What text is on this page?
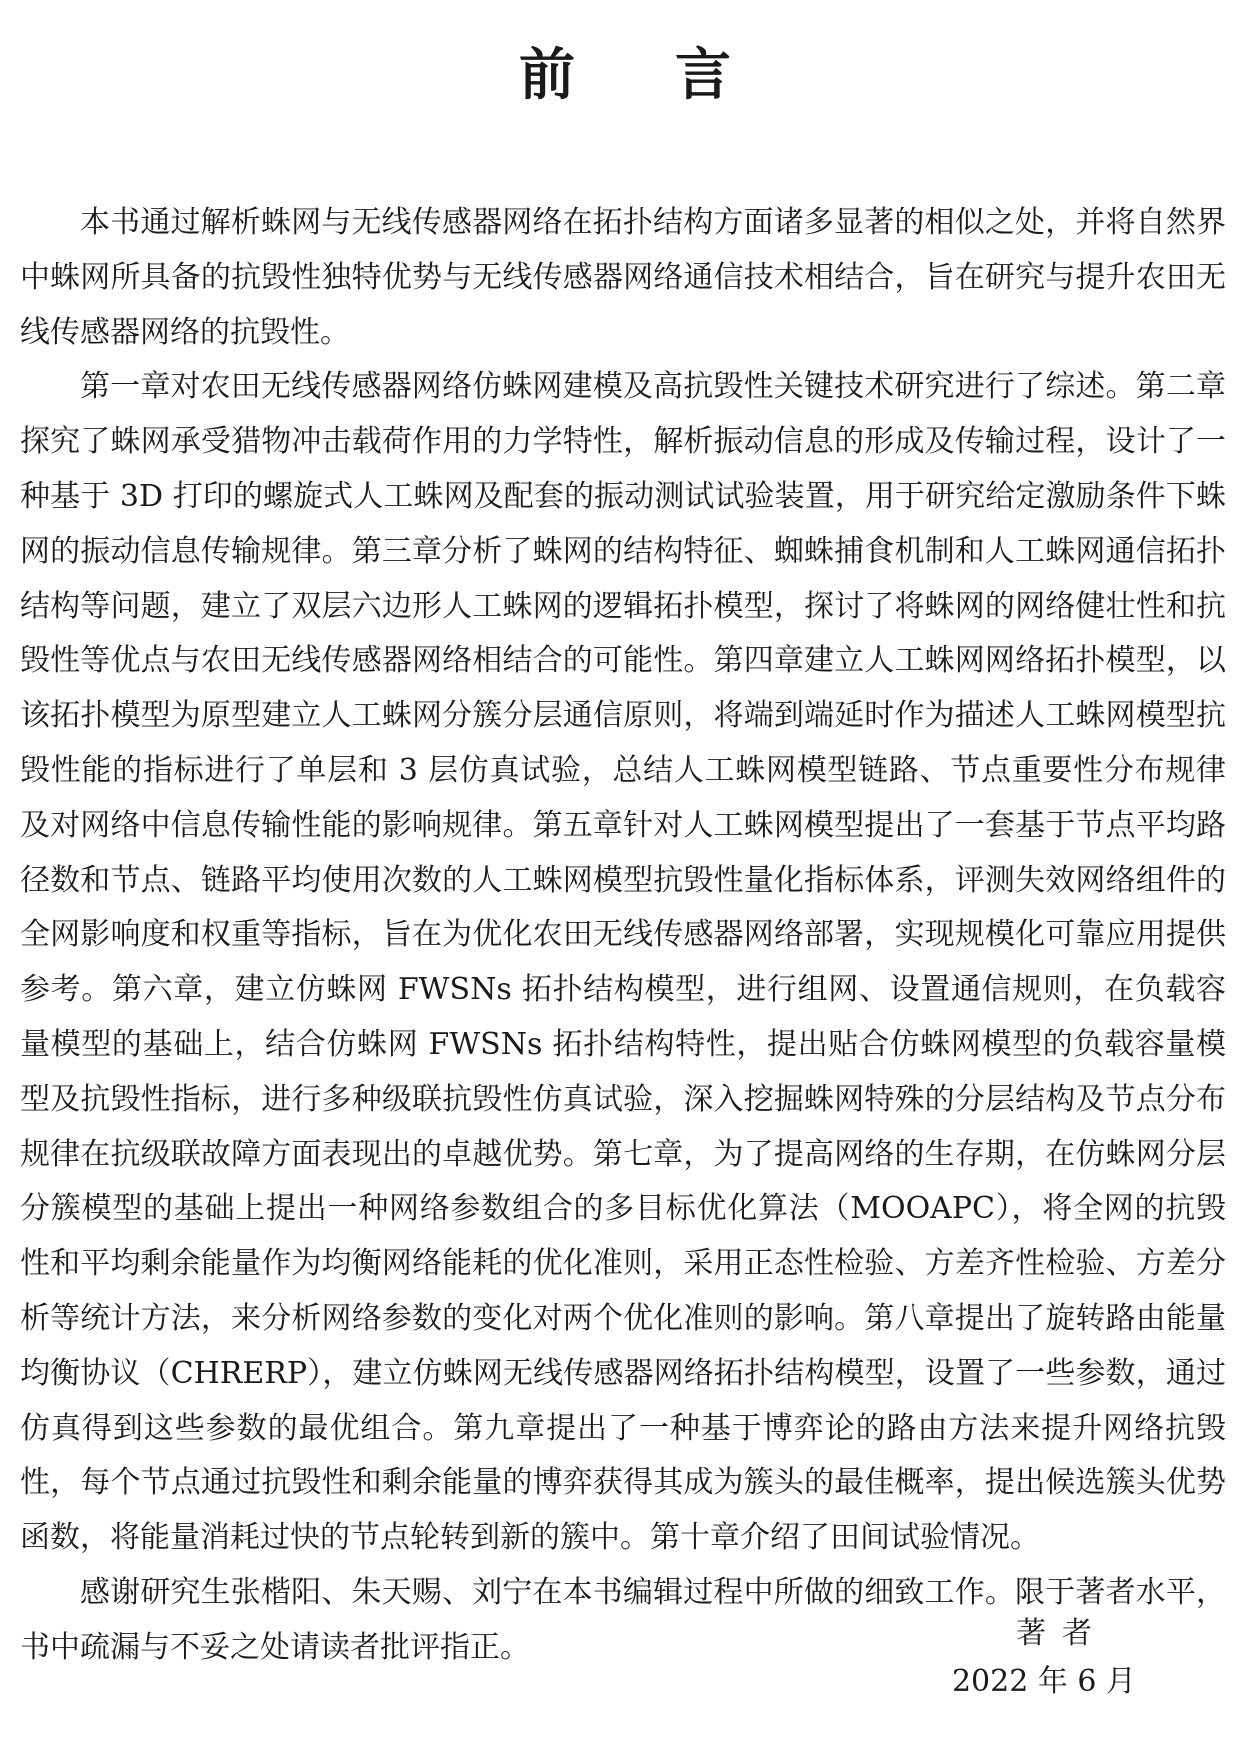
前 言

本书通过解析蛛网与无线传感器网络在拓扑结构方面诸多显著的相似之处，并将自然界中蛛网所具备的抗毁性独特优势与无线传感器网络通信技术相结合，旨在研究与提升农田无线传感器网络的抗毁性。

第一章对农田无线传感器网络仿蛛网建模及高抗毁性关键技术研究进行了综述。第二章探究了蛛网承受猎物冲击载荷作用的力学特性，解析振动信息的形成及传输过程，设计了一种基于 3D 打印的螺旋式人工蛛网及配套的振动测试试验装置，用于研究给定激励条件下蛛网的振动信息传输规律。第三章分析了蛛网的结构特征、蜘蛛捕食机制和人工蛛网通信拓扑结构等问题，建立了双层六边形人工蛛网的逻辑拓扑模型，探讨了将蛛网的网络健壮性和抗毁性等优点与农田无线传感器网络相结合的可能性。第四章建立人工蛛网网络拓扑模型，以该拓扑模型为原型建立人工蛛网分簇分层通信原则，将端到端延时作为描述人工蛛网模型抗毁性能的指标进行了单层和 3 层仿真试验，总结人工蛛网模型链路、节点重要性分布规律及对网络中信息传输性能的影响规律。第五章针对人工蛛网模型提出了一套基于节点平均路径数和节点、链路平均使用次数的人工蛛网模型抗毁性量化指标体系，评测失效网络组件的全网影响度和权重等指标，旨在为优化农田无线传感器网络部署，实现规模化可靠应用提供参考。第六章，建立仿蛛网 FWSNs 拓扑结构模型，进行组网、设置通信规则，在负载容量模型的基础上，结合仿蛛网 FWSNs 拓扑结构特性，提出贴合仿蛛网模型的负载容量模型及抗毁性指标，进行多种级联抗毁性仿真试验，深入挖掘蛛网特殊的分层结构及节点分布规律在抗级联故障方面表现出的卓越优势。第七章，为了提高网络的生存期，在仿蛛网分层分簇模型的基础上提出一种网络参数组合的多目标优化算法（MOOAPC），将全网的抗毁性和平均剩余能量作为均衡网络能耗的优化准则，采用正态性检验、方差齐性检验、方差分析等统计方法，来分析网络参数的变化对两个优化准则的影响。第八章提出了旋转路由能量均衡协议（CHRERP），建立仿蛛网无线传感器网络拓扑结构模型，设置了一些参数，通过仿真得到这些参数的最优组合。第九章提出了一种基于博弈论的路由方法来提升网络抗毁性，每个节点通过抗毁性和剩余能量的博弈获得其成为簇头的最佳概率，提出候选簇头优势函数，将能量消耗过快的节点轮转到新的簇中。第十章介绍了田间试验情况。

感谢研究生张楷阳、朱天赐、刘宁在本书编辑过程中所做的细致工作。限于著者水平，书中疏漏与不妥之处请读者批评指正。	著者
2022 年 6 月
